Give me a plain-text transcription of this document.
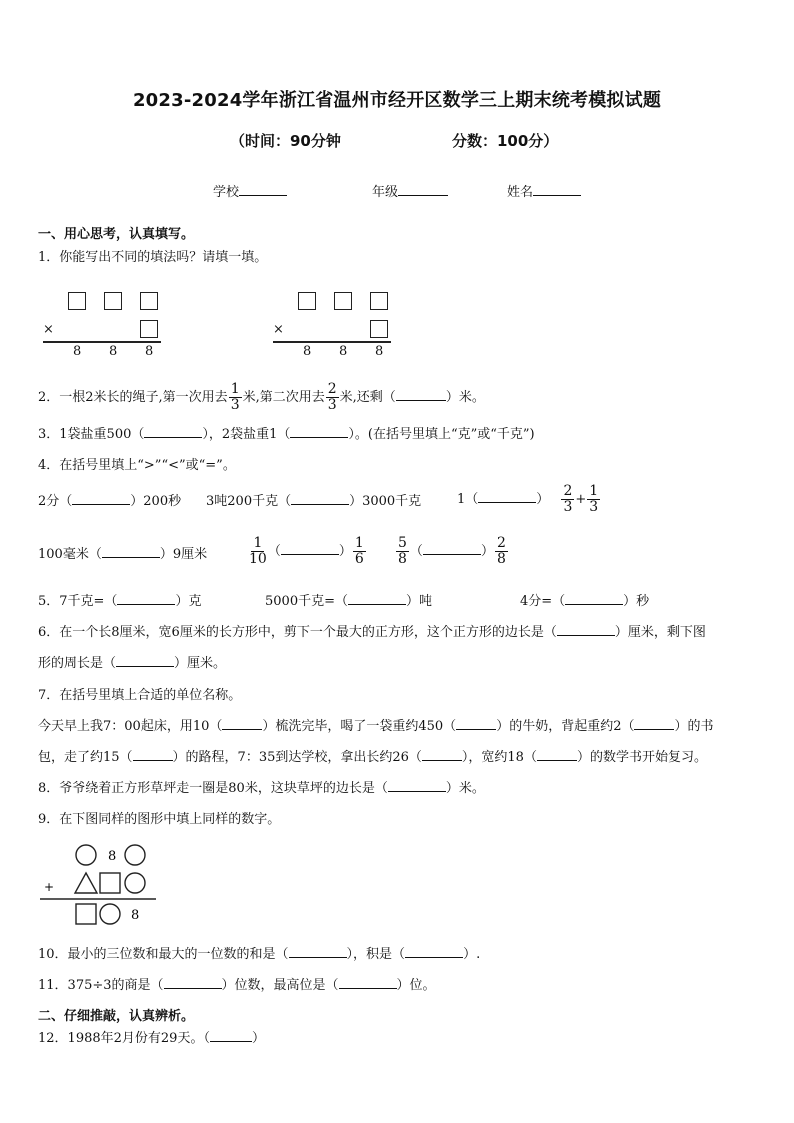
2023-2024学年浙江省温州市经开区数学三上期末统考模拟试题
（时间：90分钟	分数：100分）
学校	年级	姓名
一、用心思考，认真填写。
1．你能写出不同的填法吗？请填一填。
×
8 8 8
×
8 8 8
2．一根2米长的绳子,第一次用去 $\frac{1}{3}$ 米,第二次用去 $\frac{2}{3}$ 米,还剩（	）米。
3．1袋盐重500（	），2袋盐重1（	）。(在括号里填上“克”或“千克”)
4．在括号里填上“>”“<”或“=”。
2分（	）200秒 3吨200千克（	）3000千克	1（	） $\frac{2}{3} + \frac{1}{3}$
100毫米（	）9厘米	$\frac{1}{10}$ （	） $\frac{1}{6} \frac{5}{8}$ （	） $\frac{2}{8}$
5．7千克=（	）克	5000千克=（	）吨	4分=（	）秒
6．在一个长8厘米，宽6厘米的长方形中，剪下一个最大的正方形，这个正方形的边长是（	）厘米，剩下图
形的周长是（	）厘米。
7．在括号里填上合适的单位名称。
今天早上我7：00起床，用10（	）梳洗完毕，喝了一袋重约450（	）的牛奶，背起重约2（	）的书
包，走了约15（	）的路程，7：35到达学校，拿出长约26（	），宽约18（	）的数学书开始复习。
8．爷爷绕着正方形草坪走一圈是80米，这块草坪的边长是（	）米。
9．在下图同样的图形中填上同样的数字。
8
+
8
10．最小的三位数和最大的一位数的和是（	），积是（	）.
11．375÷3的商是（	）位数，最高位是（	）位。
二、仔细推敲，认真辨析。
12．1988年2月份有29天。（	）
